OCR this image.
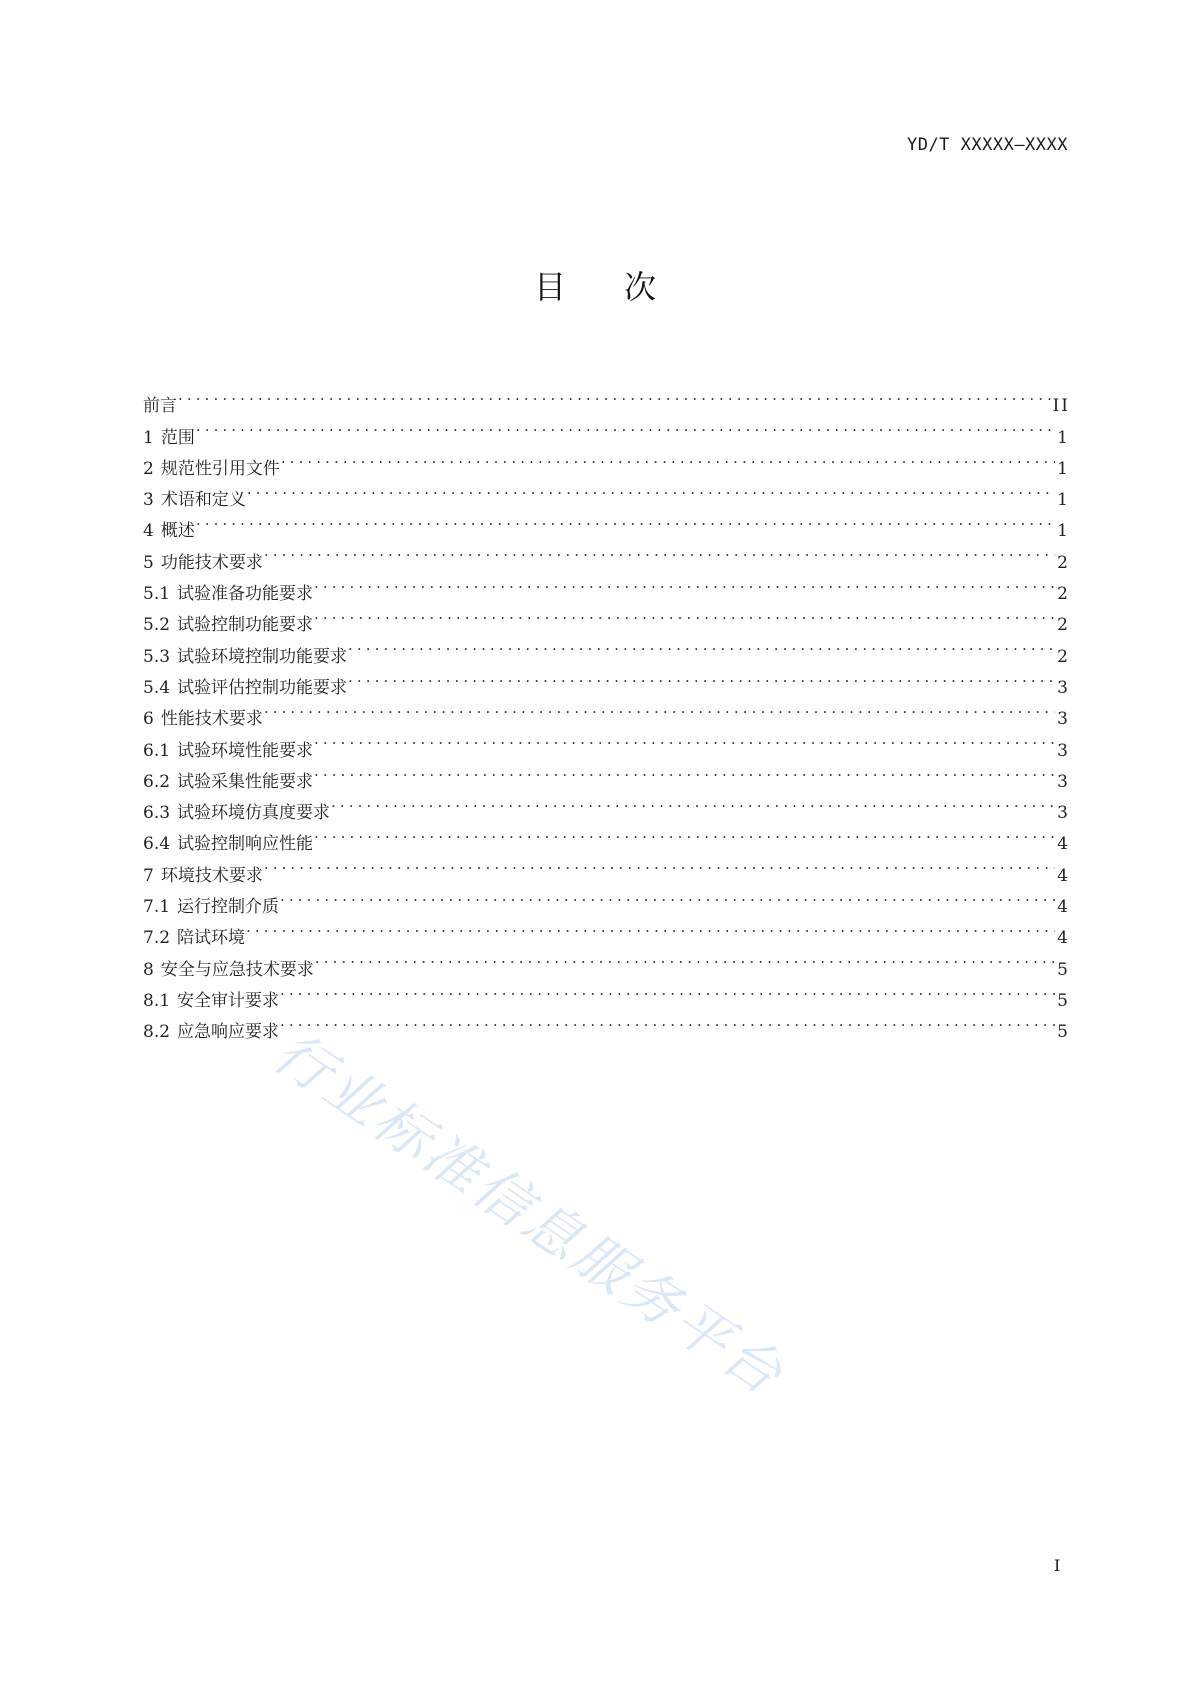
YD/T XXXXX—XXXX
目 次
前言 .....	II
1 范围 .....	1
2 规范性引用文件 .....	1
3 术语和定义 .....	1
4 概述 .....	1
5 功能技术要求 .....	2
5.1 试验准备功能要求 .....	2
5.2 试验控制功能要求 .....	2
5.3 试验环境控制功能要求 .....	2
5.4 试验评估控制功能要求 .....	3
6 性能技术要求 .....	3
6.1 试验环境性能要求 .....	3
6.2 试验采集性能要求 .....	3
6.3 试验环境仿真度要求 .....	3
6.4 试验控制响应性能 .....	4
7 环境技术要求 .....	4
7.1 运行控制介质 .....	4
7.2 陪试环境 .....	4
8 安全与应急技术要求 .....	5
8.1 安全审计要求 .....	5
8.2 应急响应要求 .....	5
行业标准信息服务平台
I
